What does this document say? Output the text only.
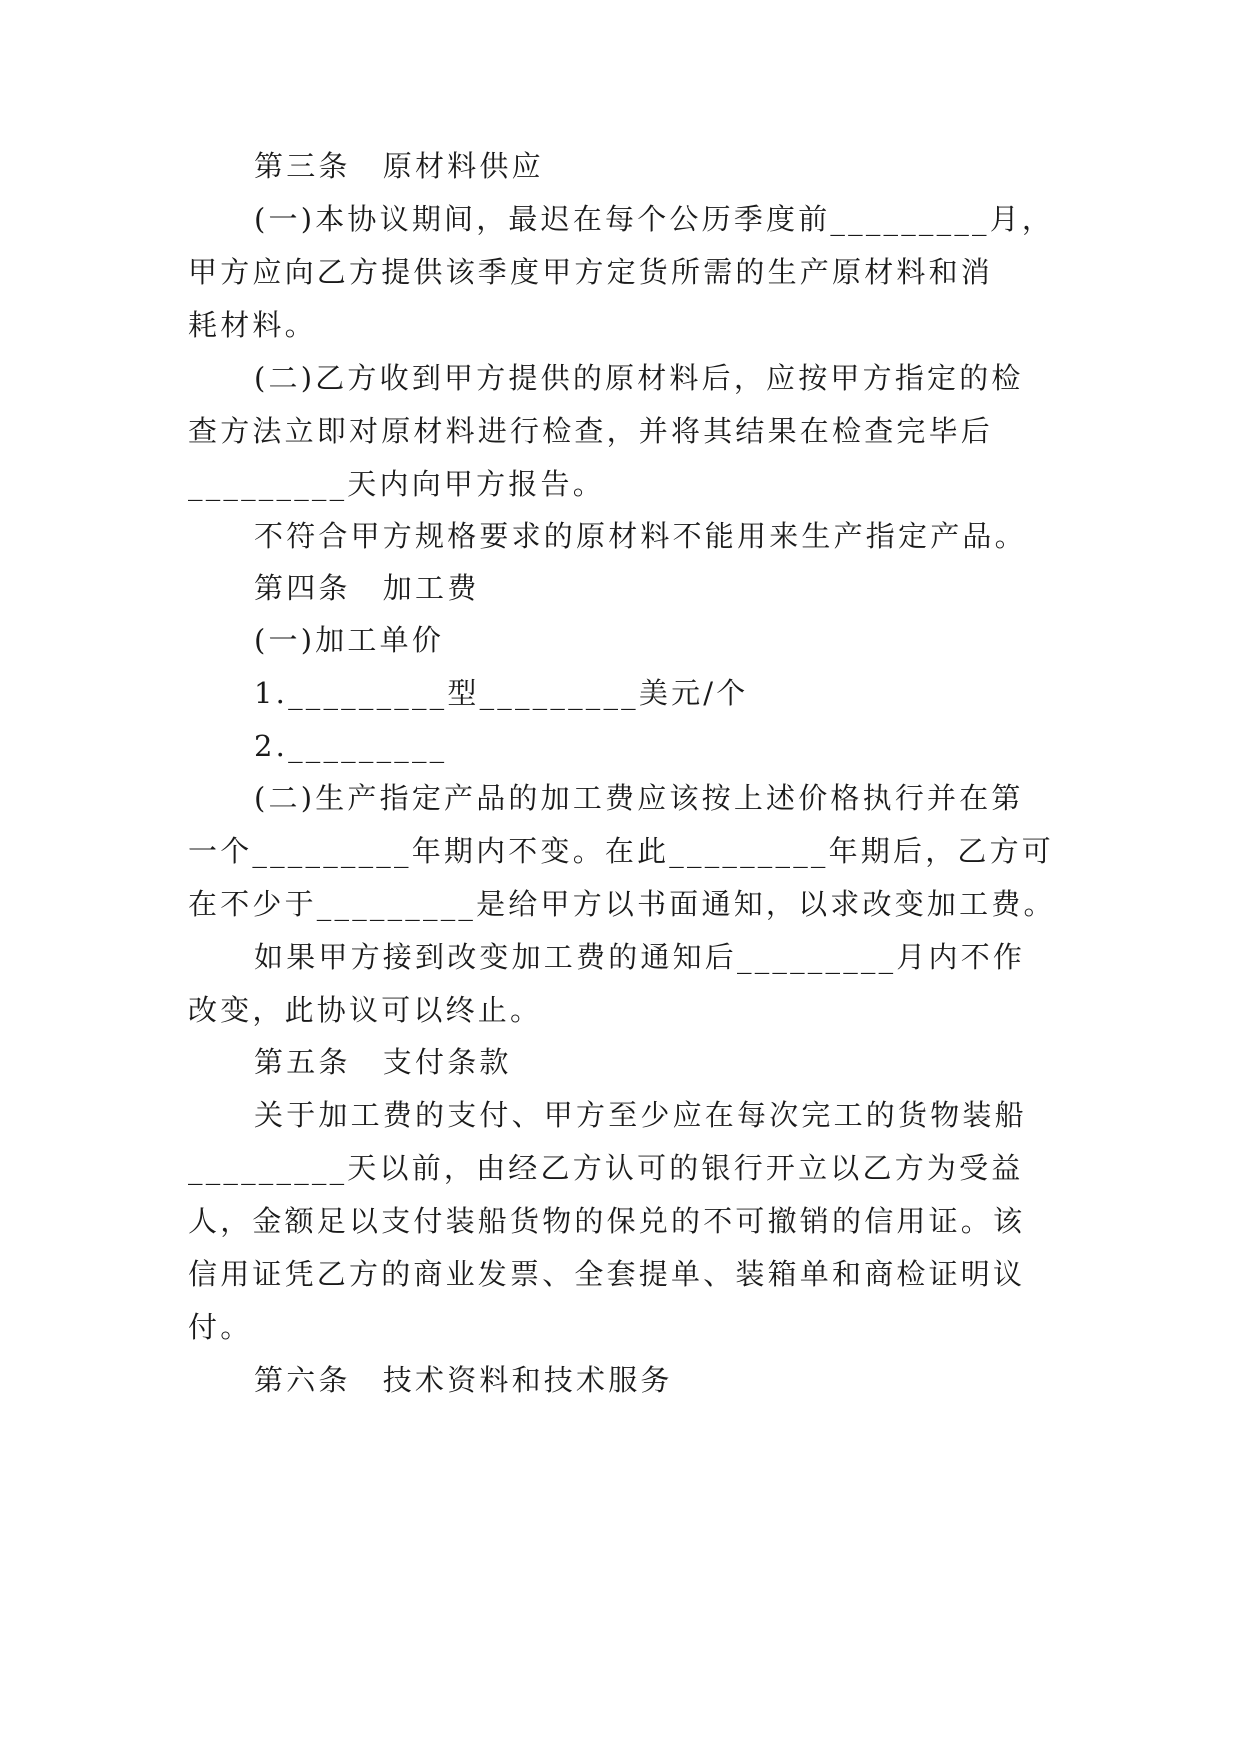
第三条　原材料供应
(一)本协议期间，最迟在每个公历季度前_________月，
甲方应向乙方提供该季度甲方定货所需的生产原材料和消
耗材料。
(二)乙方收到甲方提供的原材料后，应按甲方指定的检
查方法立即对原材料进行检查，并将其结果在检查完毕后
_________天内向甲方报告。
不符合甲方规格要求的原材料不能用来生产指定产品。
第四条　加工费
(一)加工单价
1._________型_________美元/个
2._________
(二)生产指定产品的加工费应该按上述价格执行并在第
一个_________年期内不变。在此_________年期后，乙方可
在不少于_________是给甲方以书面通知，以求改变加工费。
如果甲方接到改变加工费的通知后_________月内不作
改变，此协议可以终止。
第五条　支付条款
关于加工费的支付、甲方至少应在每次完工的货物装船
_________天以前，由经乙方认可的银行开立以乙方为受益
人，金额足以支付装船货物的保兑的不可撤销的信用证。该
信用证凭乙方的商业发票、全套提单、装箱单和商检证明议
付。
第六条　技术资料和技术服务
